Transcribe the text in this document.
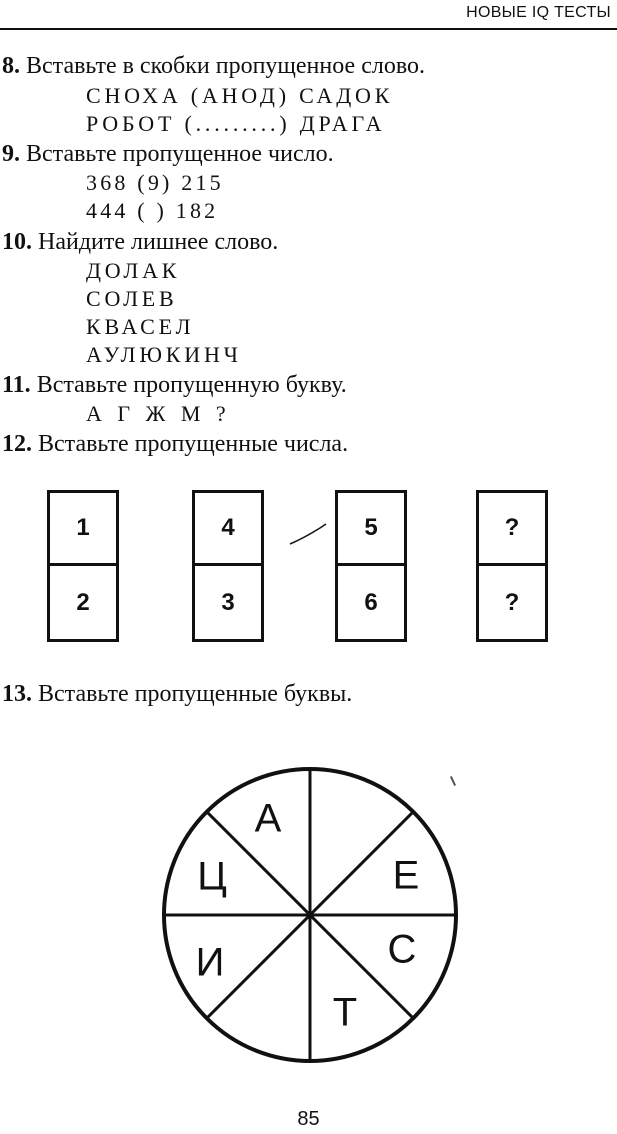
НОВЫЕ IQ ТЕСТЫ
8. Вставьте в скобки пропущенное слово.
СНОХА (АНОД) САДОК
РОБОТ (.........) ДРАГА
9. Вставьте пропущенное число.
368 (9) 215
444 ( ) 182
10. Найдите лишнее слово.
ДОЛАК
СОЛЕВ
КВАСЕЛ
АУЛЮКИНЧ
11. Вставьте пропущенную букву.
А Г Ж М ?
12. Вставьте пропущенные числа.
1
2
4
3
5
6
?
?
13. Вставьте пропущенные буквы.
А
Е
С
Т
И
Ц
85
